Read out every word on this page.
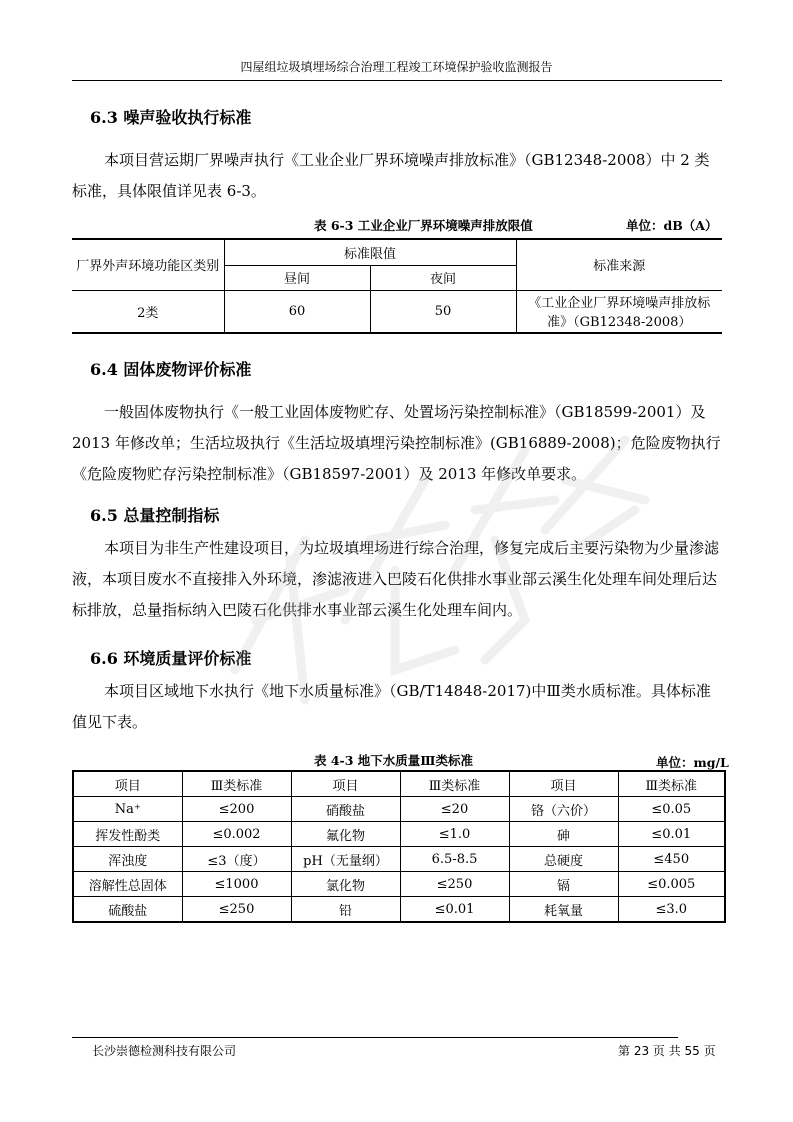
四屋组垃圾填埋场综合治理工程竣工环境保护验收监测报告
6.3 噪声验收执行标准

本项目营运期厂界噪声执行《工业企业厂界环境噪声排放标准》（GB12348-2008）中 2 类标准，具体限值详见表 6-3。

表 6-3 工业企业厂界环境噪声排放限值	单位：dB（A）
厂界外声环境功能区类别	标准限值		标准来源
	昼间	夜间	
2类	60	50	《工业企业厂界环境噪声排放标准》（GB12348-2008）
6.4 固体废物评价标准

一般固体废物执行《一般工业固体废物贮存、处置场污染控制标准》（GB18599-2001）及 2013 年修改单；生活垃圾执行《生活垃圾填埋污染控制标准》(GB16889-2008)；危险废物执行《危险废物贮存污染控制标准》（GB18597-2001）及 2013 年修改单要求。

6.5 总量控制指标

本项目为非生产性建设项目，为垃圾填埋场进行综合治理，修复完成后主要污染物为少量渗滤液，本项目废水不直接排入外环境，渗滤液进入巴陵石化供排水事业部云溪生化处理车间处理后达标排放，总量指标纳入巴陵石化供排水事业部云溪生化处理车间内。

6.6 环境质量评价标准

本项目区域地下水执行《地下水质量标准》（GB/T14848-2017)中Ⅲ类水质标准。具体标准值见下表。

表 4-3 地下水质量Ⅲ类标准	单位：mg/L
项目	Ⅲ类标准	项目	Ⅲ类标准	项目	Ⅲ类标准
Na⁺	≤200	硝酸盐	≤20	铬（六价）	≤0.05
挥发性酚类	≤0.002	氟化物	≤1.0	砷	≤0.01
浑浊度	≤3（度）	pH（无量纲）	6.5-8.5	总硬度	≤450
溶解性总固体	≤1000	氯化物	≤250	镉	≤0.005
硫酸盐	≤250	铅	≤0.01	耗氧量	≤3.0
长沙崇德检测科技有限公司	第 23 页 共 55 页
